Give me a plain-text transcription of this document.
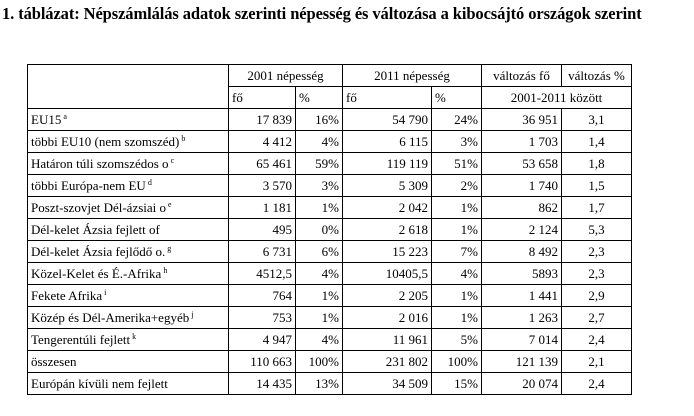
1. táblázat: Népszámlálás adatok szerinti népesség és változása a kibocsájtó országok szerint
	2001 népesség		2011 népesség		változás fő	változás %
	fő	%	fő	%	2001-2011 között	
EU15 $^a$	17 839	16%	54 790	24%	36 951	3,1
többi EU10 (nem szomszéd) $^b$	4 412	4%	6 115	3%	1 703	1,4
Határon túli szomszédos o $^c$	65 461	59%	119 119	51%	53 658	1,8
többi Európa-nem EU $^d$	3 570	3%	5 309	2%	1 740	1,5
Poszt-szovjet Dél-ázsiai o $^e$	1 181	1%	2 042	1%	862	1,7
Dél-kelet Ázsia fejlett of	495	0%	2 618	1%	2 124	5,3
Dél-kelet Ázsia fejlődő o. $^g$	6 731	6%	15 223	7%	8 492	2,3
Közel-Kelet és É.-Afrika $^h$	4512,5	4%	10405,5	4%	5893	2,3
Fekete Afrika $^i$	764	1%	2 205	1%	1 441	2,9
Közép és Dél-Amerika+egyéb $^j$	753	1%	2 016	1%	1 263	2,7
Tengerentúli fejlett $^k$	4 947	4%	11 961	5%	7 014	2,4
összesen	110 663	100%	231 802	100%	121 139	2,1
Európán kívüli nem fejlett	14 435	13%	34 509	15%	20 074	2,4
